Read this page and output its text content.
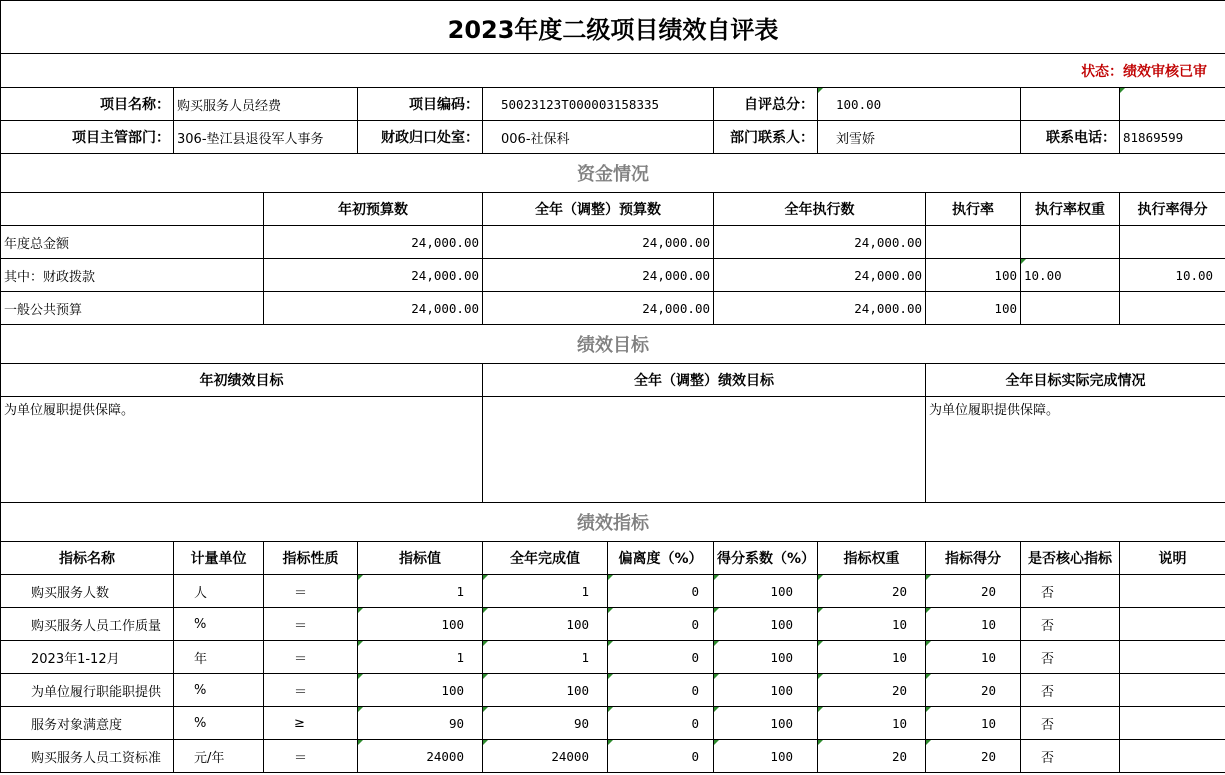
2023年度二级项目绩效自评表										
状态：绩效审核已审										
项目名称：	购买服务人员经费		项目编码：	50023123T000003158335		自评总分：	100.00			
项目主管部门：	306-垫江县退役军人事务		财政归口处室：	006-社保科		部门联系人：	刘雪娇		联系电话：	81869599
资金情况										
		年初预算数		全年（调整）预算数		全年执行数		执行率	执行率权重	执行率得分
年度总金额		24,000.00		24,000.00		24,000.00				
其中：财政拨款		24,000.00		24,000.00		24,000.00		100	10.00	10.00
一般公共预算		24,000.00		24,000.00		24,000.00		100		
绩效目标										
年初绩效目标				全年（调整）绩效目标				全年目标实际完成情况		
为单位履职提供保障。								为单位履职提供保障。		
绩效指标										
指标名称	计量单位	指标性质	指标值	全年完成值	偏离度（%）	得分系数（%）	指标权重	指标得分	是否核心指标	说明
购买服务人数	人	＝	1	1	0	100	20	20	否	
购买服务人员工作质量	%	＝	100	100	0	100	10	10	否	
2023年1-12月	年	＝	1	1	0	100	10	10	否	
为单位履行职能职提供	%	＝	100	100	0	100	20	20	否	
服务对象满意度	%	≥	90	90	0	100	10	10	否	
购买服务人员工资标准	元/年	＝	24000	24000	0	100	20	20	否	
